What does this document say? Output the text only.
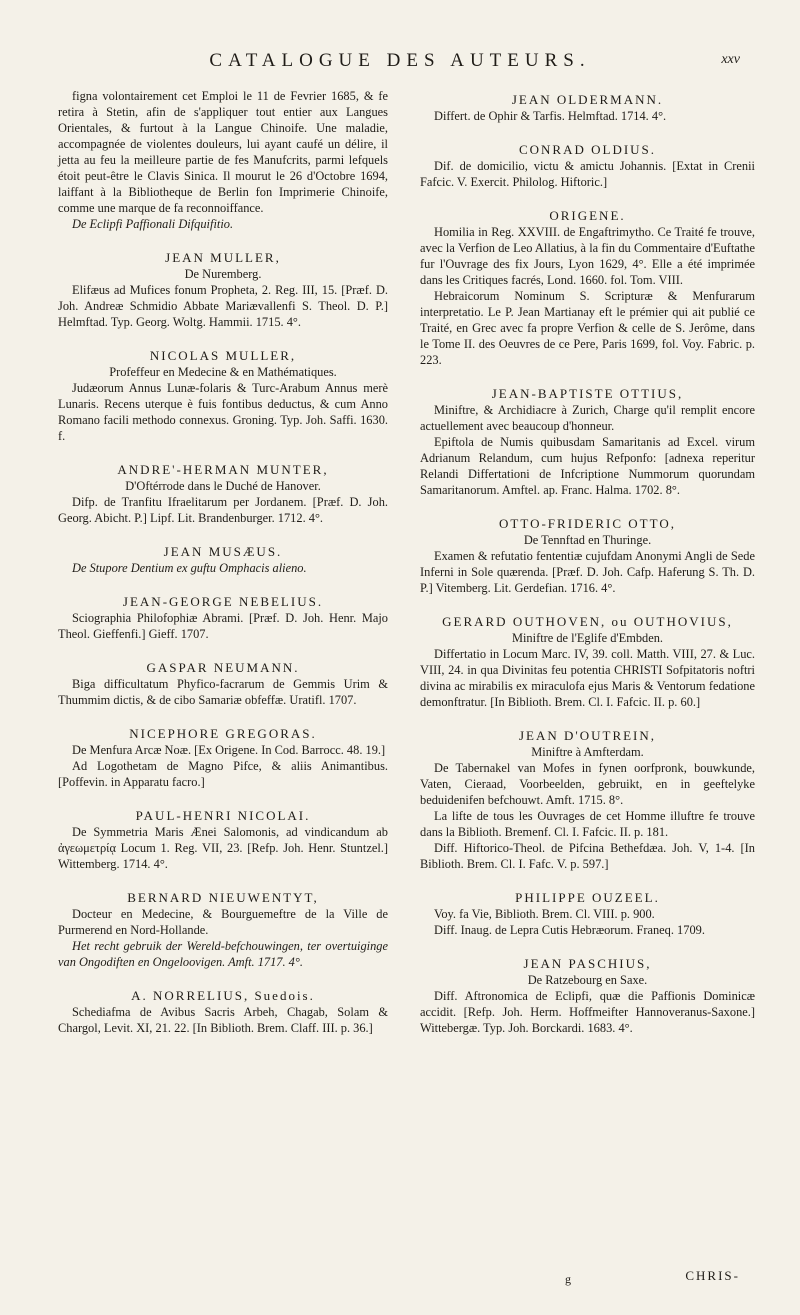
CATALOGUE DES AUTEURS.	xxv

figna volontairement cet Emploi le 11 de Fevrier 1685, & fe retira à Stetin, afin de s'appliquer tout entier aux Langues Orientales, & furtout à la Langue Chinoife. Une maladie, accompagnée de violentes douleurs, lui ayant caufé un délire, il jetta au feu la meilleure partie de fes Manufcrits, parmi lefquels étoit peut-être le Clavis Sinica. Il mourut le 26 d'Octobre 1694, laiffant à la Bibliotheque de Berlin fon Imprimerie Chinoife, comme une marque de fa reconnoiffance.

De Eclipfi Paffionali Difquifitio.

JEAN MULLER,
De Nuremberg.

Elifæus ad Mufices fonum Propheta, 2. Reg. III, 15. [Præf. D. Joh. Andreæ Schmidio Abbate Mariævallenfi S. Theol. D. P.] Helmftad. Typ. Georg. Woltg. Hammii. 1715. 4°.

NICOLAS MULLER,
Profeffeur en Medecine & en Mathématiques.

Judæorum Annus Lunæ-folaris & Turc-Arabum Annus merè Lunaris. Recens uterque è fuis fontibus deductus, & cum Anno Romano facili methodo connexus. Groning. Typ. Joh. Saffi. 1630. f.

ANDRE'-HERMAN MUNTER,
D'Oftérrode dans le Duché de Hanover.

Difp. de Tranfitu Ifraelitarum per Jordanem. [Præf. D. Joh. Georg. Abicht. P.] Lipf. Lit. Brandenburger. 1712. 4°.

JEAN MUSÆUS.

De Stupore Dentium ex guftu Omphacis alieno.

JEAN-GEORGE NEBELIUS.

Sciographia Philofophiæ Abrami. [Præf. D. Joh. Henr. Majo Theol. Gieffenfi.] Gieff. 1707.

GASPAR NEUMANN.

Biga difficultatum Phyfico-facrarum de Gemmis Urim & Thummim dictis, & de cibo Samariæ obfeffæ. Uratifl. 1707.

NICEPHORE GREGORAS.

De Menfura Arcæ Noæ. [Ex Origene. In Cod. Barrocc. 48. 19.]

Ad Logothetam de Magno Pifce, & aliis Animantibus. [Poffevin. in Apparatu facro.]

PAUL-HENRI NICOLAI.

De Symmetria Maris Ænei Salomonis, ad vindicandum ab ἀγεωμετρίᾳ Locum 1. Reg. VII, 23. [Refp. Joh. Henr. Stuntzel.] Wittemberg. 1714. 4°.

BERNARD NIEUWENTYT,

Docteur en Medecine, & Bourguemeftre de la Ville de Purmerend en Nord-Hollande.

Het recht gebruik der Wereld-befchouwingen, ter overtuiginge van Ongodiften en Ongeloovigen. Amft. 1717. 4°.

A. NORRELIUS, Suedois.

Schediafma de Avibus Sacris Arbeh, Chagab, Solam & Chargol, Levit. XI, 21. 22. [In Biblioth. Brem. Claff. III. p. 36.]

JEAN OLDERMANN.

Differt. de Ophir & Tarfis. Helmftad. 1714. 4°.

CONRAD OLDIUS.

Dif. de domicilio, victu & amictu Johannis. [Extat in Crenii Fafcic. V. Exercit. Philolog. Hiftoric.]

ORIGENE.

Homilia in Reg. XXVIII. de Engaftrimytho. Ce Traité fe trouve, avec la Verfion de Leo Allatius, à la fin du Commentaire d'Euftathe fur l'Ouvrage des fix Jours, Lyon 1629, 4°. Elle a été imprimée dans les Critiques facrés, Lond. 1660. fol. Tom. VIII.

Hebraicorum Nominum S. Scripturæ & Menfurarum interpretatio. Le P. Jean Martianay eft le prémier qui ait publié ce Traité, en Grec avec fa propre Verfion & celle de S. Jerôme, dans le Tome II. des Oeuvres de ce Pere, Paris 1699, fol. Voy. Fabric. p. 223.

JEAN-BAPTISTE OTTIUS,

Miniftre, & Archidiacre à Zurich, Charge qu'il remplit encore actuellement avec beaucoup d'honneur.

Epiftola de Numis quibusdam Samaritanis ad Excel. virum Adrianum Relandum, cum hujus Refponfo: [adnexa reperitur Relandi Differtationi de Infcriptione Nummorum quorundam Samaritanorum. Amftel. ap. Franc. Halma. 1702. 8°.

OTTO-FRIDERIC OTTO,
De Tennftad en Thuringe.

Examen & refutatio fententiæ cujufdam Anonymi Angli de Sede Inferni in Sole quærenda. [Præf. D. Joh. Cafp. Haferung S. Th. D. P.] Vitemberg. Lit. Gerdefian. 1716. 4°.

GERARD OUTHOVEN, ou OUTHOVIUS,
Miniftre de l'Eglife d'Embden.

Differtatio in Locum Marc. IV, 39. coll. Matth. VIII, 27. & Luc. VIII, 24. in qua Divinitas feu potentia CHRISTI Sofpitatoris noftri divina ac mirabilis ex miraculofa ejus Maris & Ventorum fedatione demonftratur. [In Biblioth. Brem. Cl. I. Fafcic. II. p. 60.]

JEAN D'OUTREIN,
Miniftre à Amfterdam.

De Tabernakel van Mofes in fynen oorfpronk, bouwkunde, Vaten, Cieraad, Voorbeelden, gebruikt, en in geeftelyke beduidenifen befchouwt. Amft. 1715. 8°.

La lifte de tous les Ouvrages de cet Homme illuftre fe trouve dans la Biblioth. Bremenf. Cl. I. Fafcic. II. p. 181.

Diff. Hiftorico-Theol. de Pifcina Bethefdæa. Joh. V, 1-4. [In Biblioth. Brem. Cl. I. Fafc. V. p. 597.]

PHILIPPE OUZEEL.

Voy. fa Vie, Biblioth. Brem. Cl. VIII. p. 900.

Diff. Inaug. de Lepra Cutis Hebræorum. Franeq. 1709.

JEAN PASCHIUS,
De Ratzebourg en Saxe.

Diff. Aftronomica de Eclipfi, quæ die Paffionis Dominicæ accidit. [Refp. Joh. Herm. Hoffmeifter Hannoveranus-Saxone.] Wittebergæ. Typ. Joh. Borckardi. 1683. 4°.

g	CHRIS-
